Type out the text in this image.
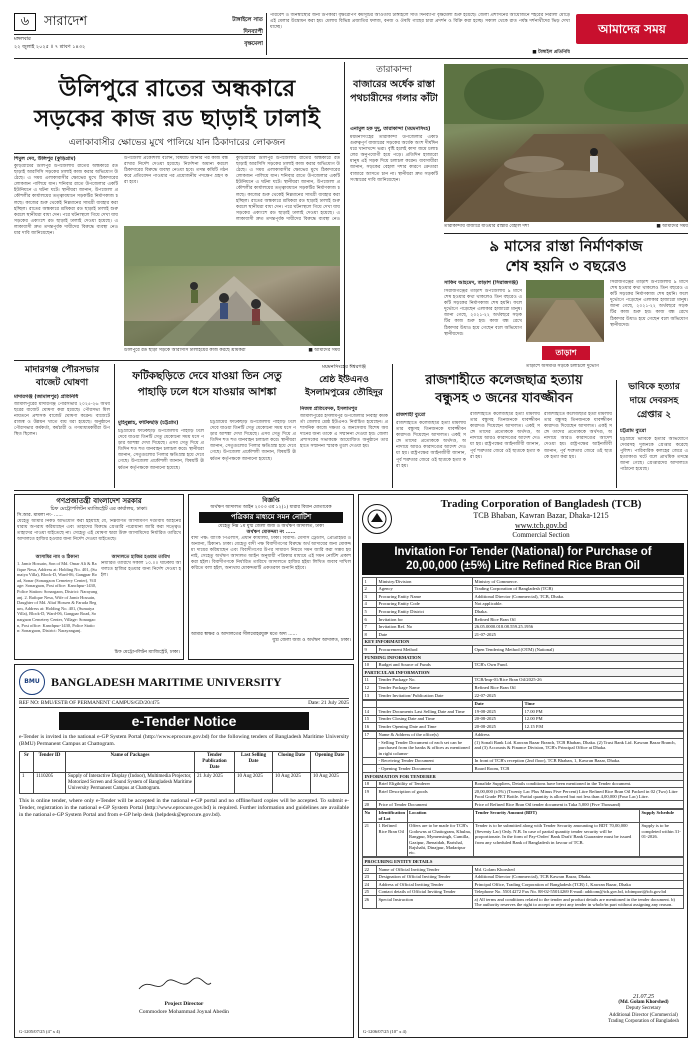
৬	সারাদেশ
মঙ্গলবার
২২ জুলাই ২০২৫ ॥ ৭ শ্রাবণ ১৪৩২
টাঙ্গাইলে সাত
দিনব্যাপী
বৃক্ষমেলা
পরিবেশ ও জনস্বাস্থ্যের জন্য উপকারী বৃক্ষরোপণ কর্মসূচির আওতায় টাঙ্গাইলে সাত দিনব্যাপী বৃক্ষমেলা শুরু হয়েছে। জেলা প্রশাসনের আয়োজনে শহরের নিরালা মোড়ে এই মেলার উদ্বোধন করা হয়। মেলায় বিভিন্ন প্রজাতির ফলজ, বনজ ও ঔষধি গাছের চারা প্রদর্শন ও বিক্রি করা হচ্ছে। সকাল থেকে রাত পর্যন্ত দর্শনার্থীদের ভিড় দেখা যাচ্ছে।
■ টাঙ্গাইল প্রতিনিধি
আমাদের সময়
উলিপুরে রাতের অন্ধকারে
সড়কের কাজ রড ছাড়াই ঢালাই
এলাকাবাসীর ক্ষোভের মুখে পালিয়ে যান ঠিকাদারের লোকজন
শিমুল দেব, উলিপুর (কুড়িগ্রাম)
কুড়িগ্রামের উলিপুর উপজেলায় রাতের অন্ধকারে রড ছাড়াই আরসিসি সড়কের ঢালাই কাজ করার অভিযোগ উঠেছে। এ সময় এলাকাবাসীর ক্ষোভের মুখে ঠিকাদারের লোকজন পালিয়ে যান। শনিবার রাতে উপজেলার একটি ইউনিয়নে এ ঘটনা ঘটে। স্থানীয়রা জানান, উপজেলা প্রকৌশলীর কার্যালয়ের তত্ত্বাবধানে সড়কটির নির্মাণকাজ চলছে। কাজের শুরু থেকেই নিম্নমানের সামগ্রী ব্যবহার করা হচ্ছিল। রাতের অন্ধকারে শ্রমিকরা রড ছাড়াই ঢালাই শুরু করলে স্থানীয়রা বাধা দেন। পরে ঘটনাস্থলে গিয়ে দেখা যায় সড়কের একাংশে রড ছাড়াই ঢালাই দেওয়া হয়েছে। এলাকাবাসী দ্রুত তদন্তপূর্বক দায়ীদের বিরুদ্ধে ব্যবস্থা নেওয়ার দাবি জানিয়েছেন।
উপজেলা প্রকৌশলী বলেন, বিষয়টি জানার পর কাজ বন্ধ রাখার নির্দেশ দেওয়া হয়েছে। নির্দেশনা অমান্য করলে ঠিকাদারের বিরুদ্ধে ব্যবস্থা নেওয়া হবে। তদন্ত কমিটি গঠন করে প্রতিবেদন পাওয়ার পর প্রয়োজনীয় পদক্ষেপ গ্রহণ করা হবে।
কুড়িগ্রামের উলিপুর উপজেলায় রাতের অন্ধকারে রড ছাড়াই আরসিসি সড়কের ঢালাই কাজ করার অভিযোগ উঠেছে। এ সময় এলাকাবাসীর ক্ষোভের মুখে ঠিকাদারের লোকজন পালিয়ে যান। শনিবার রাতে উপজেলার একটি ইউনিয়নে এ ঘটনা ঘটে। স্থানীয়রা জানান, উপজেলা প্রকৌশলীর কার্যালয়ের তত্ত্বাবধানে সড়কটির নির্মাণকাজ চলছে। কাজের শুরু থেকেই নিম্নমানের সামগ্রী ব্যবহার করা হচ্ছিল। রাতের অন্ধকারে শ্রমিকরা রড ছাড়াই ঢালাই শুরু করলে স্থানীয়রা বাধা দেন। পরে ঘটনাস্থলে গিয়ে দেখা যায় সড়কের একাংশে রড ছাড়াই ঢালাই দেওয়া হয়েছে। এলাকাবাসী দ্রুত তদন্তপূর্বক দায়ীদের বিরুদ্ধে ব্যবস্থা নেও
উলিপুরে রড ছাড়া সড়কে আরসিসি ঢালাইয়ের কাজ করছে শ্রমিকরা	■ আমাদের সময়
তারাকান্দা
বাজারের অর্ধেক রাস্তা পথচারীদের গলার কাঁটা
এনামুল হক দুদু, তারাকান্দা (ময়মনসিংহ)
ময়মনসিংহের তারাকান্দা উপজেলার একটি গুরুত্বপূর্ণ বাজারের সড়কের অর্ধেক অংশ দীর্ঘদিন ধরে খানাখন্দে ভরা। বৃষ্টি হলেই কাদা জমে চলাচলের অনুপযোগী হয়ে পড়ে। প্রতিদিন হাজারো মানুষ এই সড়ক দিয়ে চলাচল করেন। ব্যবসায়ীরা জানান, সড়কের বেহাল দশার কারণে ক্রেতারা বাজারে আসতে চান না। স্থানীয়রা দ্রুত সড়কটি সংস্কারের দাবি জানিয়েছেন।
তারাকান্দায় বাজারে যাওয়ার রাস্তার বেহাল দশা	■ আমাদের সময়
৯ মাসের রাস্তা নির্মাণকাজ
শেষ হয়নি ৩ বছরেও
সাকিব আহমেদ, তাড়াশ (সিরাজগঞ্জ)
সিরাজগঞ্জের তাড়াশ উপজেলায় ৯ মাসে শেষ হওয়ার কথা থাকলেও তিন বছরেও একটি সড়কের নির্মাণকাজ শেষ হয়নি। ফলে দুর্ভোগে পড়েছেন এলাকার হাজারো মানুষ। জানা গেছে, ২০২১-২২ অর্থবছরে সড়কটির কাজ শুরু হয়। কাজ বন্ধ রেখে ঠিকাদার উধাও হয়ে গেছেন বলে অভিযোগ স্থানীয়দের।
তাড়াশ
সিরাজগঞ্জের তাড়াশ উপজেলায় ৯ মাসে শেষ হওয়ার কথা থাকলেও তিন বছরেও একটি সড়কের নির্মাণকাজ শেষ হয়নি। ফলে দুর্ভোগে পড়েছেন এলাকার হাজারো মানুষ। জানা গেছে, ২০২১-২২ অর্থবছরে সড়কটির কাজ শুরু হয়। কাজ বন্ধ রেখে ঠিকাদার উধাও হয়ে গেছেন বলে অভিযোগ স্থানীয়দের।
তাড়াশে অসমাপ্ত সড়কে চলাচলে দুর্ভোগ
মাদারগঞ্জ পৌরসভার বাজেট ঘোষণা
মাদারগঞ্জ (জামালপুর) প্রতিনিধি
জামালপুরের মাদারগঞ্জ পৌরসভার ২০২৫-২৬ অর্থবছরের বাজেট ঘোষণা করা হয়েছে। পৌরসভা মিলনায়তনে প্রশাসক বাজেট ঘোষণা করেন। বাজেটে রাজস্ব ও উন্নয়ন খাতে ব্যয় ধরা হয়েছে। অনুষ্ঠানে পৌরসভার কর্মকর্তা, কর্মচারী ও গণমাধ্যমকর্মীরা উপস্থিত ছিলেন।
ফটিকছড়িতে দেবে যাওয়া তিন সেতু পাহাড়ি ঢলে ধসে যাওয়ার আশঙ্কা
মুহিবুল্লাহ, ফটিকছড়ি (চট্টগ্রাম)
চট্টগ্রামের ফটিকছড়ি উপজেলায় পাহাড়ি ঢলে দেবে যাওয়া তিনটি সেতু যেকোনো সময় ধসে পড়ার আশঙ্কা দেখা দিয়েছে। এসব সেতু দিয়ে প্রতিদিন শত শত যানবাহন চলাচল করে। স্থানীয়রা জানান, সেতুগুলোর পিলার ক্ষতিগ্রস্ত হয়ে দেবে গেছে। উপজেলা প্রকৌশলী জানান, বিষয়টি ঊর্ধ্বতন কর্তৃপক্ষকে জানানো হয়েছে।
চট্টগ্রামের ফটিকছড়ি উপজেলায় পাহাড়ি ঢলে দেবে যাওয়া তিনটি সেতু যেকোনো সময় ধসে পড়ার আশঙ্কা দেখা দিয়েছে। এসব সেতু দিয়ে প্রতিদিন শত শত যানবাহন চলাচল করে। স্থানীয়রা জানান, সেতুগুলোর পিলার ক্ষতিগ্রস্ত হয়ে দেবে গেছে। উপজেলা প্রকৌশলী জানান, বিষয়টি ঊর্ধ্বতন কর্তৃপক্ষকে জানানো হয়েছে।
ময়মনসিংহের ঈশ্বরগঞ্জ
শ্রেষ্ঠ ইউএনও ইসলামপুরের তৌহিদুর
নিজস্ব প্রতিবেদক, ইসলামপুর
জামালপুরের ইসলামপুর উপজেলার নির্বাহী কর্মকর্তা জেলার শ্রেষ্ঠ ইউএনও নির্বাচিত হয়েছেন। প্রশাসনিক কাজে দক্ষতা ও জনসেবায় বিশেষ অবদানের জন্য তাকে এ সম্মাননা দেওয়া হয়। জেলা প্রশাসকের সভাকক্ষে আয়োজিত অনুষ্ঠানে তার হাতে সম্মাননা স্মারক তুলে দেওয়া হয়।
রাজশাহীতে কলেজছাত্র হত্যায়
বন্ধুসহ ৩ জনের যাবজ্জীবন
রাজশাহী ব্যুরো
রাজশাহীতে কলেজছাত্র হত্যা মামলায় তার বন্ধুসহ তিনজনকে যাবজ্জীবন কারাদণ্ড দিয়েছেন আদালত। একই সঙ্গে তাদের প্রত্যেককে অর্থদণ্ড, অনাদায়ে আরও কারাদণ্ডের আদেশ দেওয়া হয়। রাষ্ট্রপক্ষের আইনজীবী জানান, পূর্ব শত্রুতার জেরে ওই ছাত্রকে হত্যা করা হয়।
রাজশাহীতে কলেজছাত্র হত্যা মামলায় তার বন্ধুসহ তিনজনকে যাবজ্জীবন কারাদণ্ড দিয়েছেন আদালত। একই সঙ্গে তাদের প্রত্যেককে অর্থদণ্ড, অনাদায়ে আরও কারাদণ্ডের আদেশ দেওয়া হয়। রাষ্ট্রপক্ষের আইনজীবী জানান, পূর্ব শত্রুতার জেরে ওই ছাত্রকে হত্যা করা হয়।
রাজশাহীতে কলেজছাত্র হত্যা মামলায় তার বন্ধুসহ তিনজনকে যাবজ্জীবন কারাদণ্ড দিয়েছেন আদালত। একই সঙ্গে তাদের প্রত্যেককে অর্থদণ্ড, অনাদায়ে আরও কারাদণ্ডের আদেশ দেওয়া হয়। রাষ্ট্রপক্ষের আইনজীবী জানান, পূর্ব শত্রুতার জেরে ওই ছাত্রকে হত্যা করা হয়।
ভাবিকে হত্যার
দায়ে দেবরসহ
গ্রেপ্তার ২
চট্টগ্রাম ব্যুরো
চট্টগ্রামে ভাবিকে হত্যার অভিযোগে দেবরসহ দুজনকে গ্রেপ্তার করেছে পুলিশ। পারিবারিক কলহের জেরে এ হত্যাকাণ্ড ঘটে বলে প্রাথমিক তদন্তে জানা গেছে। গ্রেপ্তারদের আদালতে পাঠানো হয়েছে।
গণপ্রজাতন্ত্রী বাংলাদেশ সরকার
চিফ মেট্রোপলিটন ম্যাজিস্ট্রেট এর কার্যালয়, ঢাকা।
সি.আর. মামলা নং- ......
যেহেতু আমার নিকট অভিযোগ করা হইয়াছে যে, নিম্নবর্ণিত আসামিগণ দণ্ডবিধি আইনের ধারায় অপরাধ করিয়াছেন এবং তাহাদের বিরুদ্ধে গ্রেপ্তারি পরোয়ানা জারি করা সত্ত্বেও তাহাদের পাওয়া যাইতেছে না। সেহেতু এই ঘোষণা দ্বারা উক্ত আসামিদের নির্ধারিত তারিখে আদালতে হাজির হওয়ার জন্য নির্দেশ দেওয়া যাইতেছে।
আসামির নাম ও ঠিকানা
1. Jamir Hossain, Son of Md. Omar Ali & Rafique Nesa, Address at: Holding No. 401, (Sumaiya Villa), Block-D, Ward-06, Gangpar Road, Sonar (Sonargaon Cemetery Center), Village: Sonargaon, Post office: Kanchpur-1430, Police Station: Sonargaon, District: Narayanganj. 2. Rafique Nesa, Wife of Jamir Hossain, Daughter of Md. Altaf Hossen & Faruda Begum, Address at: Holding No. 401, (Sumaiya Villa), Block-D, Ward-06, Gangpar Road, Sonargaon Cemetery Center, Village: Sonargaon, Post office: Kanchpur-1430, Police Station: Sonargaon, District: Narayanganj.
আদালতে হাজির হওয়ার তারিখ
নির্ধারিত তারিখে সকাল ১০.০০ ঘটিকায় আদালতে হাজির হওয়ার জন্য নির্দেশ দেওয়া হইল।
চিফ মেট্রোপলিটন ম্যাজিস্ট্রেট, ঢাকা।
বিজ্ঞপ্তি
অর্থঋণ আদালত আইন ২০০৩ এর ১২(১) ধারার বিধান মোতাবেক
পত্রিকার মাধ্যমে সমন নোটিশ
যেহেতু নিম্ন ১ম যুগ্ম জেলা জজ ও অর্থঋণ আদালত, ঢাকা
অর্থঋণ মোকদ্দমা নং ......
বাদী পক্ষ: ব্যাংক পিএলসি, প্রধান কার্যালয়, ঢাকা। বিবাদী: মেসার্স ট্রেডার্স, প্রোপ্রাইটর ও অন্যান্য, ঠিকানা: ঢাকা। যেহেতু বাদী পক্ষ বিবাদীগণের বিরুদ্ধে অর্থ আদায়ের জন্য মোকদ্দমা দায়ের করিয়াছেন এবং বিবাদীগণের উপর সাধারণ নিয়মে সমন জারি করা সম্ভব হয় নাই, সেহেতু অর্থঋণ আদালত আইন অনুযায়ী পত্রিকার মাধ্যমে এই সমন নোটিশ প্রকাশ করা হইল। বিবাদীগণকে নির্ধারিত তারিখে আদালতে হাজির হইয়া লিখিত জবাব দাখিল করিতে বলা হইল, অন্যথায় মোকদ্দমাটি একতরফা শুনানি হইবে।
আমার স্বাক্ষর ও আদালতের সীলমোহরযুক্ত মতে অদ্য ......
যুগ্ম জেলা জজ ও অর্থঋণ আদালত, ঢাকা।
BMU BANGLADESH MARITIME UNIVERSITY
REF NO: BMU/ESTB OF PERMANENT CAMPUS/GD/20/475	Date: 21 July 2025
e-Tender Notice
e-Tender is invited in the national e-GP System Portal (http://www.eprocure.gov.bd) for the following tenders of Bangladesh Maritime University (BMU) Permanent Campus at Chattogram.
Sr	Tender ID	Name of Packages	Tender Publication Date	Last Selling Date	Closing Date	Opening Date
1	1110205	Supply of Interactive Display (Indoor), Multimedia Projector, Motorized Screen and Sound System of Bangladesh Maritime University Permanent Campus at Chattogram.	21 July 2025	10 Aug 2025	10 Aug 2025	10 Aug 2025
This is online tender, where only e-Tender will be accepted in the national e-GP portal and no offline/hard copies will be accepted. To submit e-Tender, registration in the national e-GP System Portal (http://www.eprocure.gov.bd) is required. Further information and guidelines are available in the national e-GP System Portal and from e-GP help desk (helpdesk@eprocure.gov.bd).
Project Director
Commodore Mohammad Joynal Abedin
G-1205/07/25 (4" x 4)
Trading Corporation of Bangladesh (TCB)
TCB Bhaban, Kawran Bazar, Dhaka-1215
www.tcb.gov.bd
Commercial Section
Invitation For Tender (National) for Purchase of
20,00,000 (±5%) Litre Refined Rice Bran Oil
1	Ministry/Division	Ministry of Commerce.
2	Agency	Trading Corporation of Bangladesh (TCB)
3	Procuring Entity Name	Additional Director (Commercial), TCB, Dhaka.
4	Procuring Entity Code	Not applicable.
5	Procuring Entity District	Dhaka.
6	Invitation for	Refined Rice Bran Oil
7	Invitation Ref. No	26.05.0000.018.08.559.25.1956
8	Date	21-07-2025
KEY INFORMATION		
9	Procurement Method	Open Tendering Method (OTM) (National)
FUNDING INFORMATION		
10	Budget and Source of Funds	TCB's Own Fund.
PARTICULAR INFORMATION		
11	Tender Package No.	TCB/Imp-01/Rice Bran Oil/2025-26
12	Tender Package Name	Refined Rice Bran Oil
13	Tender Invitation/ Publication Date	22-07-2025
		Date	Time
14	Tender Documents Last Selling Date and Time	19-08-2025	17.00 PM
15	Tender Closing Date and Time	20-08-2025	12.00 PM
16	Tender Opening Date and Time	20-08-2025	12.15 P.M
17	Name & Address of the office(s)	Address
	- Selling Tender Document of each set can be purchased from the banks & offices as mentioned in right column-	(1) Sonali Bank Ltd. Kawran Bazar Branch, TCB Bhaban, Dhaka. (2) Trust Bank Ltd. Kawran Bazar Branch, and (3) Accounts & Finance Division, TCB's Principal Office at Dhaka.
	- Receiving Tender Document	In front of TCB's reception (2nd floor), TCB Bhaban, 1, Kawran Bazar, Dhaka.
	- Opening Tender Document	Board Room, TCB
INFORMATION FOR TENDERER		
18	Brief Eligibility of Tenderer	Bonafide Suppliers, Details conditions have been mentioned in the Tender document.
19	Brief Description of goods	20,00,000 (±5%) (Twenty Lac Plus Minus Five Percent) Litre Refined Rice Bran Oil Packed in 02 (Two) Litre Food Grade PET Bottle. Partial quantity is allowed but not less than 4,00,000 (Four Lac) Litre.
20	Price of Tender Document	Price of Refined Rice Bran Oil tender document is Taka 5,000 (Five Thousand)
No	Identification of Lot	Location	Tender Security Amount (BDT)	Supply Schedule
21	1 Refined Rice Bran Oil	Offers are to be made for TCB's Godowns at Chattogram, Khulna, Rangpur, Mymensingh, Cumilla, Gazipur, Jhenaidah, Barishal, Rajshahi, Dinajpur, Madaripur etc.	Tender is to be submitted along with Tender Security amounting to BDT 70,00,000 (Seventy Lac) Only. N.B. In case of partial quantity tender security will be proportionate. In the form of Pay-Order/ Bank Draft/ Bank Guarantee must be issued from any scheduled Bank of Bangladesh in favour of TCB.	Supply is to be completed within 31-01-2026.
PROCURING ENTITY DETAILS		
22	Name of Official Inviting Tender	Md. Golam Khorshed
23	Designation of Official Inviting Tender	Additional Director (Commercial), TCB Kawran Bazar, Dhaka.
24	Address of Official Inviting Tender	Principal Office, Trading Corporation of Bangladesh (TCB) 1, Kawran Bazar, Dhaka
25	Contact details of Official Inviting Tender	Telephone No. 55014272 Fax No. 88-02-55014269 E-mail: addcom@tcb.gov.bd, tcbimport@tcb.gov.bd
26	Special Instruction	a) All terms and conditions related to the tender and product details are mentioned in the tender document. b) The authority reserves the right to accept or reject any tender in whole/in part without assigning any reason.
21.07.25
(Md. Golam Khorshed)
Deputy Secretary
Additional Director (Commercial)
Trading Corporation of Bangladesh
G-1206/07/25 (10" x 4)
